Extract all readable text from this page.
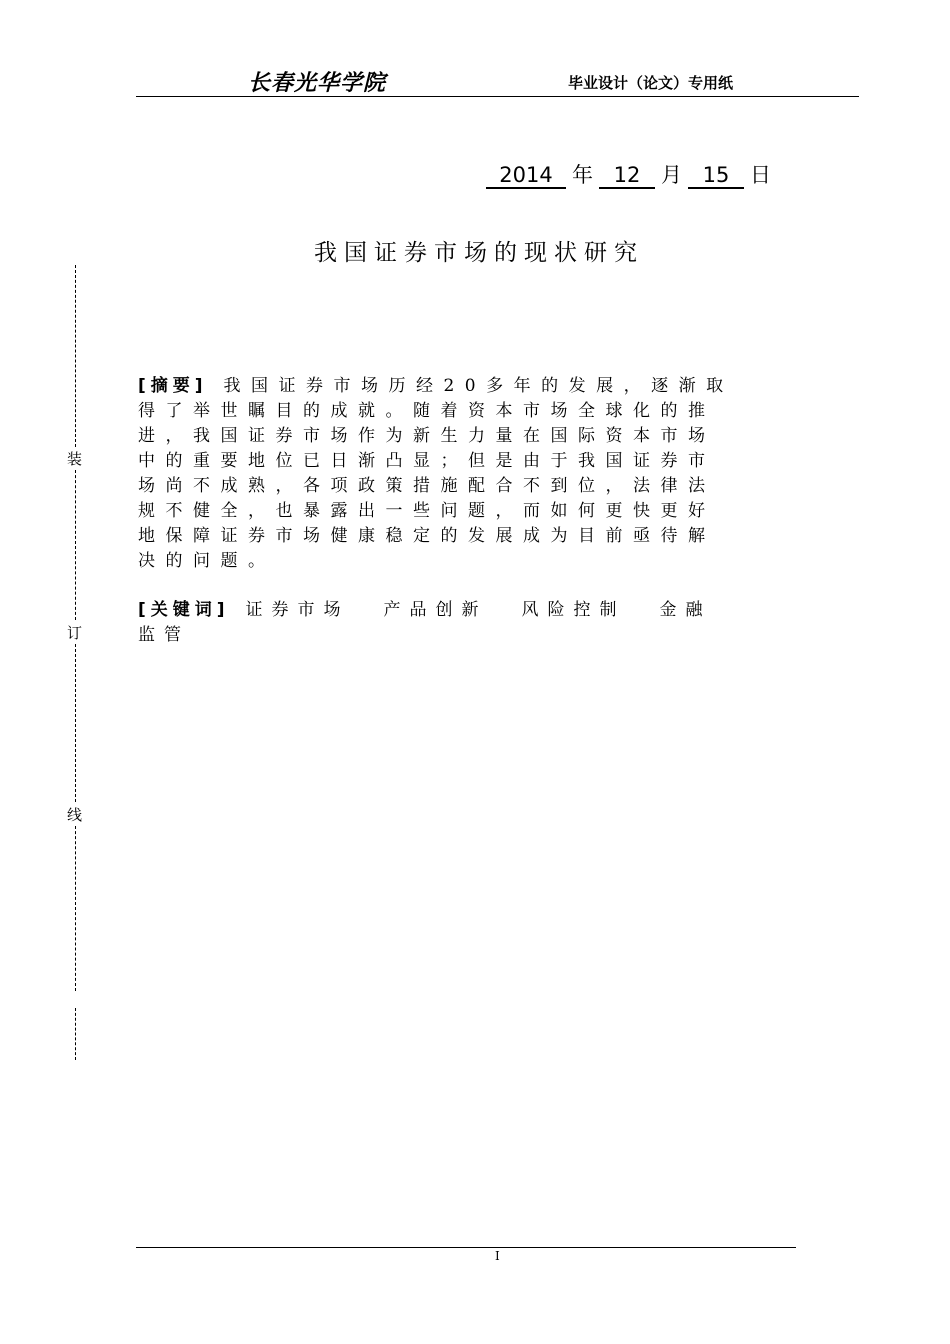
长春光华学院	毕业设计（论文）专用纸
2014 年 12 月 15 日
我国证券市场的现状研究
装
订
线
[摘要] 我国证券市场历经20多年的发展，逐渐取
得了举世瞩目的成就。随着资本市场全球化的推
进，我国证券市场作为新生力量在国际资本市场
中的重要地位已日渐凸显；但是由于我国证券市
场尚不成熟，各项政策措施配合不到位，法律法
规不健全，也暴露出一些问题，而如何更快更好
地保障证券市场健康稳定的发展成为目前亟待解
决的问题。
[关键词] 证券市场 产品创新 风险控制 金融
监管
I
